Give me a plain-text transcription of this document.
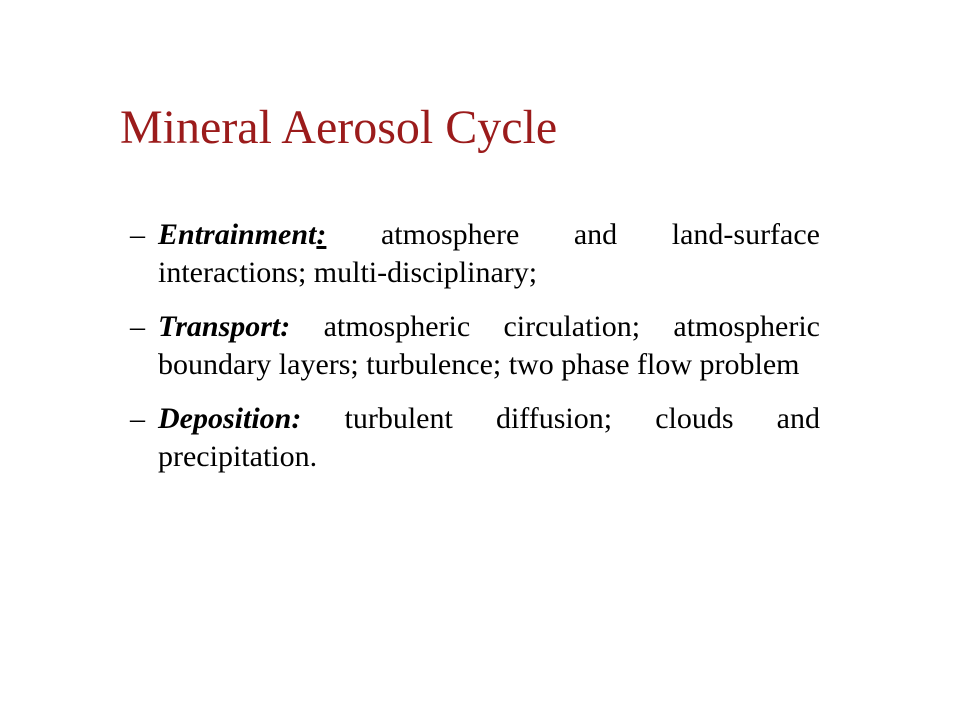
Mineral Aerosol Cycle
– Entrainment: atmosphere and land-surface interactions; multi-disciplinary;
– Transport: atmospheric circulation; atmospheric boundary layers; turbulence; two phase flow problem
– Deposition: turbulent diffusion; clouds and precipitation.
